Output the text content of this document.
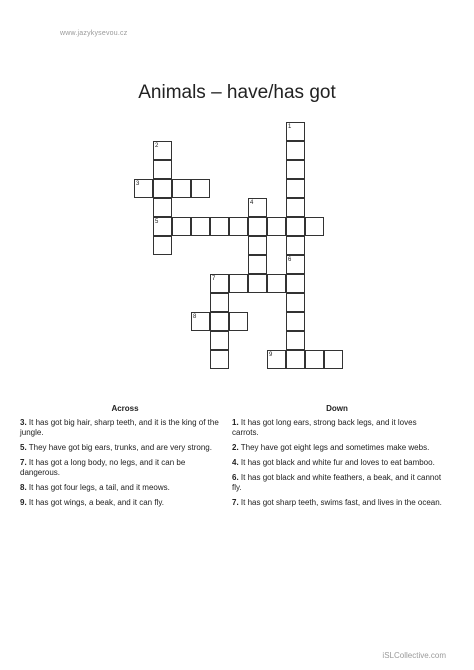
www.jazykysevou.cz
Animals – have/has got
1
2
3
4
5
6
7
8
9
Across	Down
3. It has got big hair, sharp teeth, and it is the king of the jungle.
5. They have got big ears, trunks, and are very strong.
7. It has got a long body, no legs, and it can be dangerous.
8. It has got four legs, a tail, and it meows.
9. It has got wings, a beak, and it can fly.
1. It has got long ears, strong back legs, and it loves carrots.
2. They have got eight legs and sometimes make webs.
4. It has got black and white fur and loves to eat bamboo.
6. It has got black and white feathers, a beak, and it cannot fly.
7. It has got sharp teeth, swims fast, and lives in the ocean.
iSLCollective.com
